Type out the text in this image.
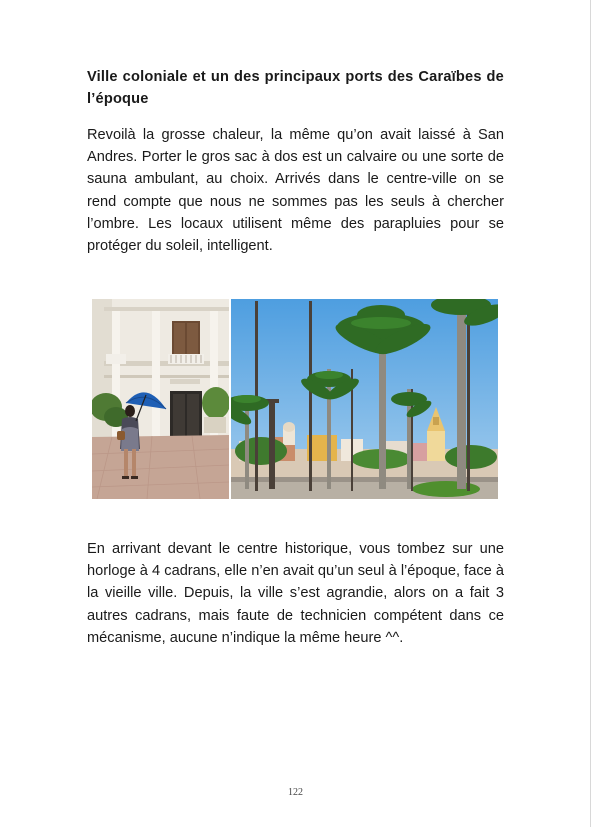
Ville coloniale et un des principaux ports des Caraïbes de l’époque

Revoilà la grosse chaleur, la même qu’on avait laissé à San Andres. Porter le gros sac à dos est un calvaire ou une sorte de sauna ambulant, au choix. Arrivés dans le centre-ville on se rend compte que nous ne sommes pas les seuls à chercher l’ombre. Les locaux utilisent même des parapluies pour se protéger du soleil, intelligent.

En arrivant devant le centre historique, vous tombez sur une horloge à 4 cadrans, elle n’en avait qu’un seul à l’époque, face à la vieille ville. Depuis, la ville s’est agrandie, alors on a fait 3 autres cadrans, mais faute de technicien compétent dans ce mécanisme, aucune n’indique la même heure ^^.

122
